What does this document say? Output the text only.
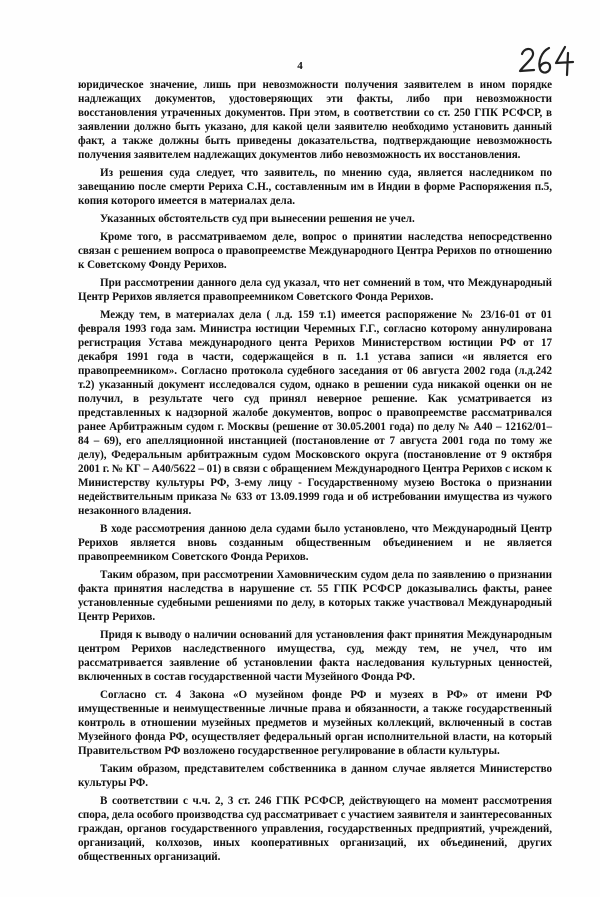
4

юридическое значение, лишь при невозможности получения заявителем в ином порядке надлежащих документов, удостоверяющих эти факты, либо при невозможности восстановления утраченных документов. При этом, в соответствии со ст. 250 ГПК РСФСР, в заявлении должно быть указано, для какой цели заявителю необходимо установить данный факт, а также должны быть приведены доказательства, подтверждающие невозможность получения заявителем надлежащих документов либо невозможность их восстановления.

Из решения суда следует, что заявитель, по мнению суда, является наследником по завещанию после смерти Рериха С.Н., составленным им в Индии в форме Распоряжения п.5, копия которого имеется в материалах дела.

Указанных обстоятельств суд при вынесении решения не учел.

Кроме того, в рассматриваемом деле, вопрос о принятии наследства непосредственно связан с решением вопроса о правопреемстве Международного Центра Рерихов по отношению к Советскому Фонду Рерихов.

При рассмотрении данного дела суд указал, что нет сомнений в том, что Международный Центр Рерихов является правопреемником Советского Фонда Рерихов.

Между тем, в материалах дела ( л.д. 159 т.1) имеется распоряжение № 23/16-01 от 01 февраля 1993 года зам. Министра юстиции Черемных Г.Г., согласно которому аннулирована регистрация Устава международного цента Рерихов Министерством юстиции РФ от 17 декабря 1991 года в части, содержащейся в п. 1.1 устава записи «и является его правопреемником». Согласно протокола судебного заседания от 06 августа 2002 года (л.д.242 т.2) указанный документ исследовался судом, однако в решении суда никакой оценки он не получил, в результате чего суд принял неверное решение. Как усматривается из представленных к надзорной жалобе документов, вопрос о правопреемстве рассматривался ранее Арбитражным судом г. Москвы (решение от 30.05.2001 года) по делу № А40 – 12162/01– 84 – 69), его апелляционной инстанцией (постановление от 7 августа 2001 года по тому же делу), Федеральным арбитражным судом Московского округа (постановление от 9 октября 2001 г. № КГ – А40/5622 – 01) в связи с обращением Международного Центра Рерихов с иском к Министерству культуры РФ, 3-ему лицу - Государственному музею Востока о признании недействительным приказа № 633 от 13.09.1999 года и об истребовании имущества из чужого незаконного владения.

В ходе рассмотрения данною дела судами было установлено, что Международный Центр Рерихов является вновь созданным общественным объединением и не является правопреемником Советского Фонда Рерихов.

Таким образом, при рассмотрении Хамовническим судом дела по заявлению о признании факта принятия наследства в нарушение ст. 55 ГПК РСФСР доказывались факты, ранее установленные судебными решениями по делу, в которых также участвовал Международный Центр Рерихов.

Придя к выводу о наличии оснований для установления факт принятия Международным центром Рерихов наследственного имущества, суд, между тем, не учел, что им рассматривается заявление об установлении факта наследования культурных ценностей, включенных в состав государственной части Музейного Фонда РФ.

Согласно ст. 4 Закона «О музейном фонде РФ и музеях в РФ» от имени РФ имущественные и неимущественные личные права и обязанности, а также государственный контроль в отношении музейных предметов и музейных коллекций, включенный в состав Музейного фонда РФ, осуществляет федеральный орган исполнительной власти, на который Правительством РФ возложено государственное регулирование в области культуры.

Таким образом, представителем собственника в данном случае является Министерство культуры РФ.

В соответствии с ч.ч. 2, 3 ст. 246 ГПК РСФСР, действующего на момент рассмотрения спора, дела особого производства суд рассматривает с участием заявителя и заинтересованных граждан, органов государственного управления, государственных предприятий, учреждений, организаций, колхозов, иных кооперативных организаций, их объединений, других общественных организаций.
